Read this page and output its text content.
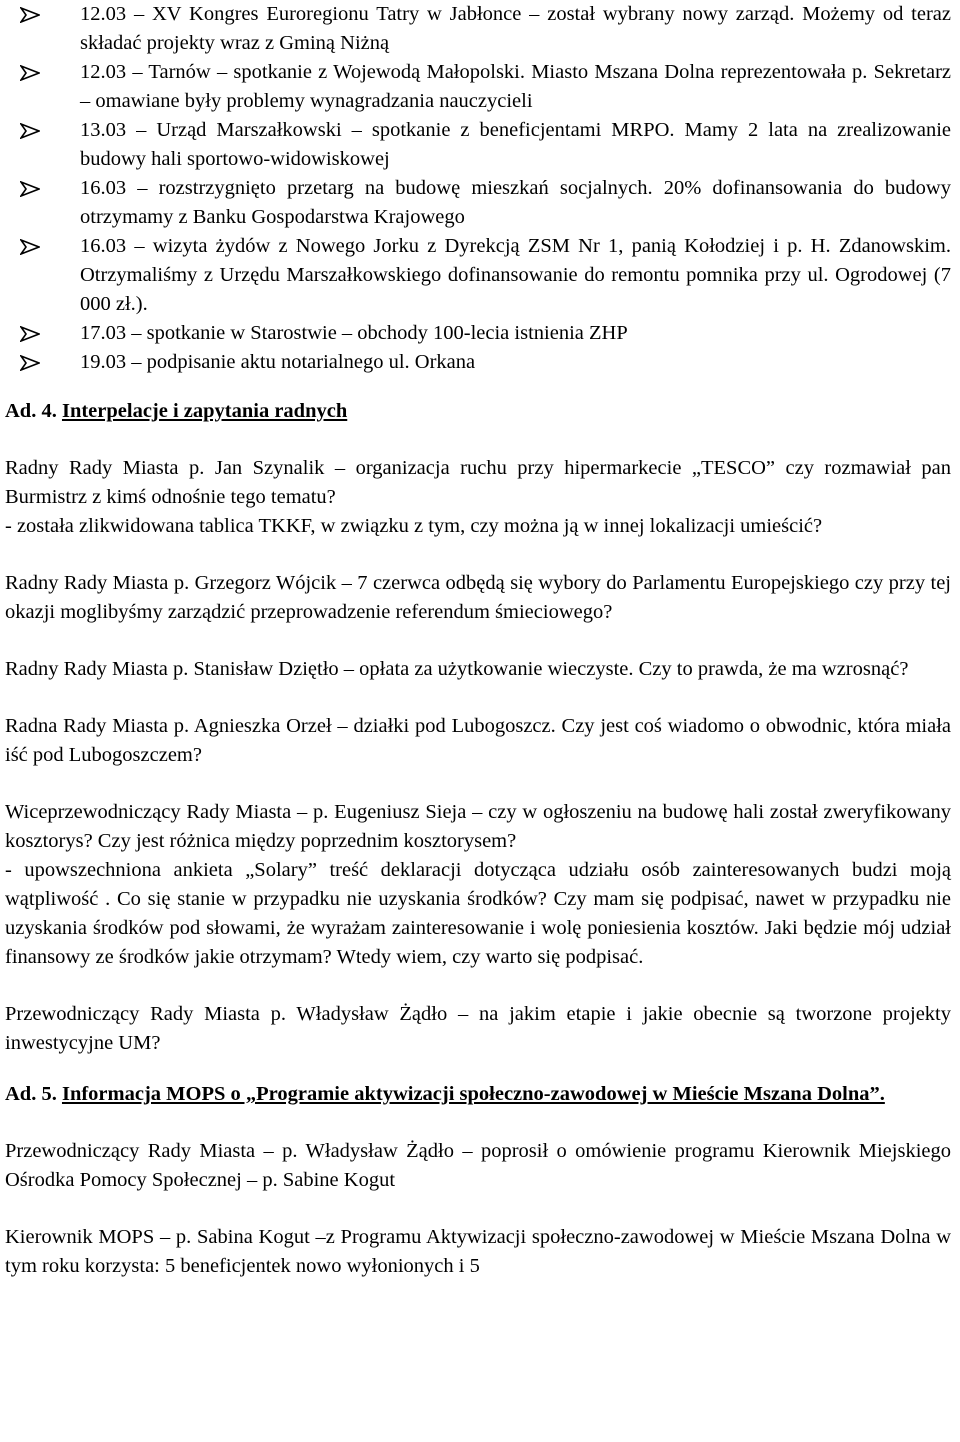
12.03 – XV Kongres Euroregionu Tatry w Jabłonce – został wybrany nowy zarząd. Możemy od teraz składać projekty wraz z Gminą Niżną
12.03 – Tarnów – spotkanie z Wojewodą Małopolski. Miasto Mszana Dolna reprezentowała p. Sekretarz – omawiane były problemy wynagradzania nauczycieli
13.03 – Urząd Marszałkowski – spotkanie z beneficjentami MRPO. Mamy 2 lata na zrealizowanie budowy hali sportowo-widowiskowej
16.03 – rozstrzygnięto przetarg na budowę mieszkań socjalnych. 20% dofinansowania do budowy otrzymamy z Banku Gospodarstwa Krajowego
16.03 – wizyta żydów z Nowego Jorku z Dyrekcją ZSM Nr 1, panią Kołodziej i p. H. Zdanowskim. Otrzymaliśmy z Urzędu Marszałkowskiego dofinansowanie do remontu pomnika przy ul. Ogrodowej (7 000 zł.).
17.03 – spotkanie w Starostwie – obchody 100-lecia istnienia ZHP
19.03 – podpisanie aktu notarialnego ul. Orkana
Ad. 4. Interpelacje i zapytania radnych

Radny Rady Miasta p. Jan Szynalik – organizacja ruchu przy hipermarkecie „TESCO” czy rozmawiał pan Burmistrz z kimś odnośnie tego tematu?

- została zlikwidowana tablica TKKF, w związku z tym, czy można ją w innej lokalizacji umieścić?

Radny Rady Miasta p. Grzegorz Wójcik – 7 czerwca odbędą się wybory do Parlamentu Europejskiego czy przy tej okazji moglibyśmy zarządzić przeprowadzenie referendum śmieciowego?

Radny Rady Miasta p. Stanisław Dziętło – opłata za użytkowanie wieczyste. Czy to prawda, że ma wzrosnąć?

Radna Rady Miasta p. Agnieszka Orzeł – działki pod Lubogoszcz. Czy jest coś wiadomo o obwodnic, która miała iść pod Lubogoszczem?

Wiceprzewodniczący Rady Miasta – p. Eugeniusz Sieja – czy w ogłoszeniu na budowę hali został zweryfikowany kosztorys? Czy jest różnica między poprzednim kosztorysem?

- upowszechniona ankieta „Solary” treść deklaracji dotycząca udziału osób zainteresowanych budzi moją wątpliwość . Co się stanie w przypadku nie uzyskania środków? Czy mam się podpisać, nawet w przypadku nie uzyskania środków pod słowami, że wyrażam zainteresowanie i wolę poniesienia kosztów. Jaki będzie mój udział finansowy ze środków jakie otrzymam? Wtedy wiem, czy warto się podpisać.

Przewodniczący Rady Miasta p. Władysław Żądło – na jakim etapie i jakie obecnie są tworzone projekty inwestycyjne UM?

Ad. 5. Informacja MOPS o „Programie aktywizacji społeczno-zawodowej w Mieście Mszana Dolna”.

Przewodniczący Rady Miasta – p. Władysław Żądło – poprosił o omówienie programu Kierownik Miejskiego Ośrodka Pomocy Społecznej – p. Sabine Kogut

Kierownik MOPS – p. Sabina Kogut –z Programu Aktywizacji społeczno-zawodowej w Mieście Mszana Dolna w tym roku korzysta: 5 beneficjentek nowo wyłonionych i 5
